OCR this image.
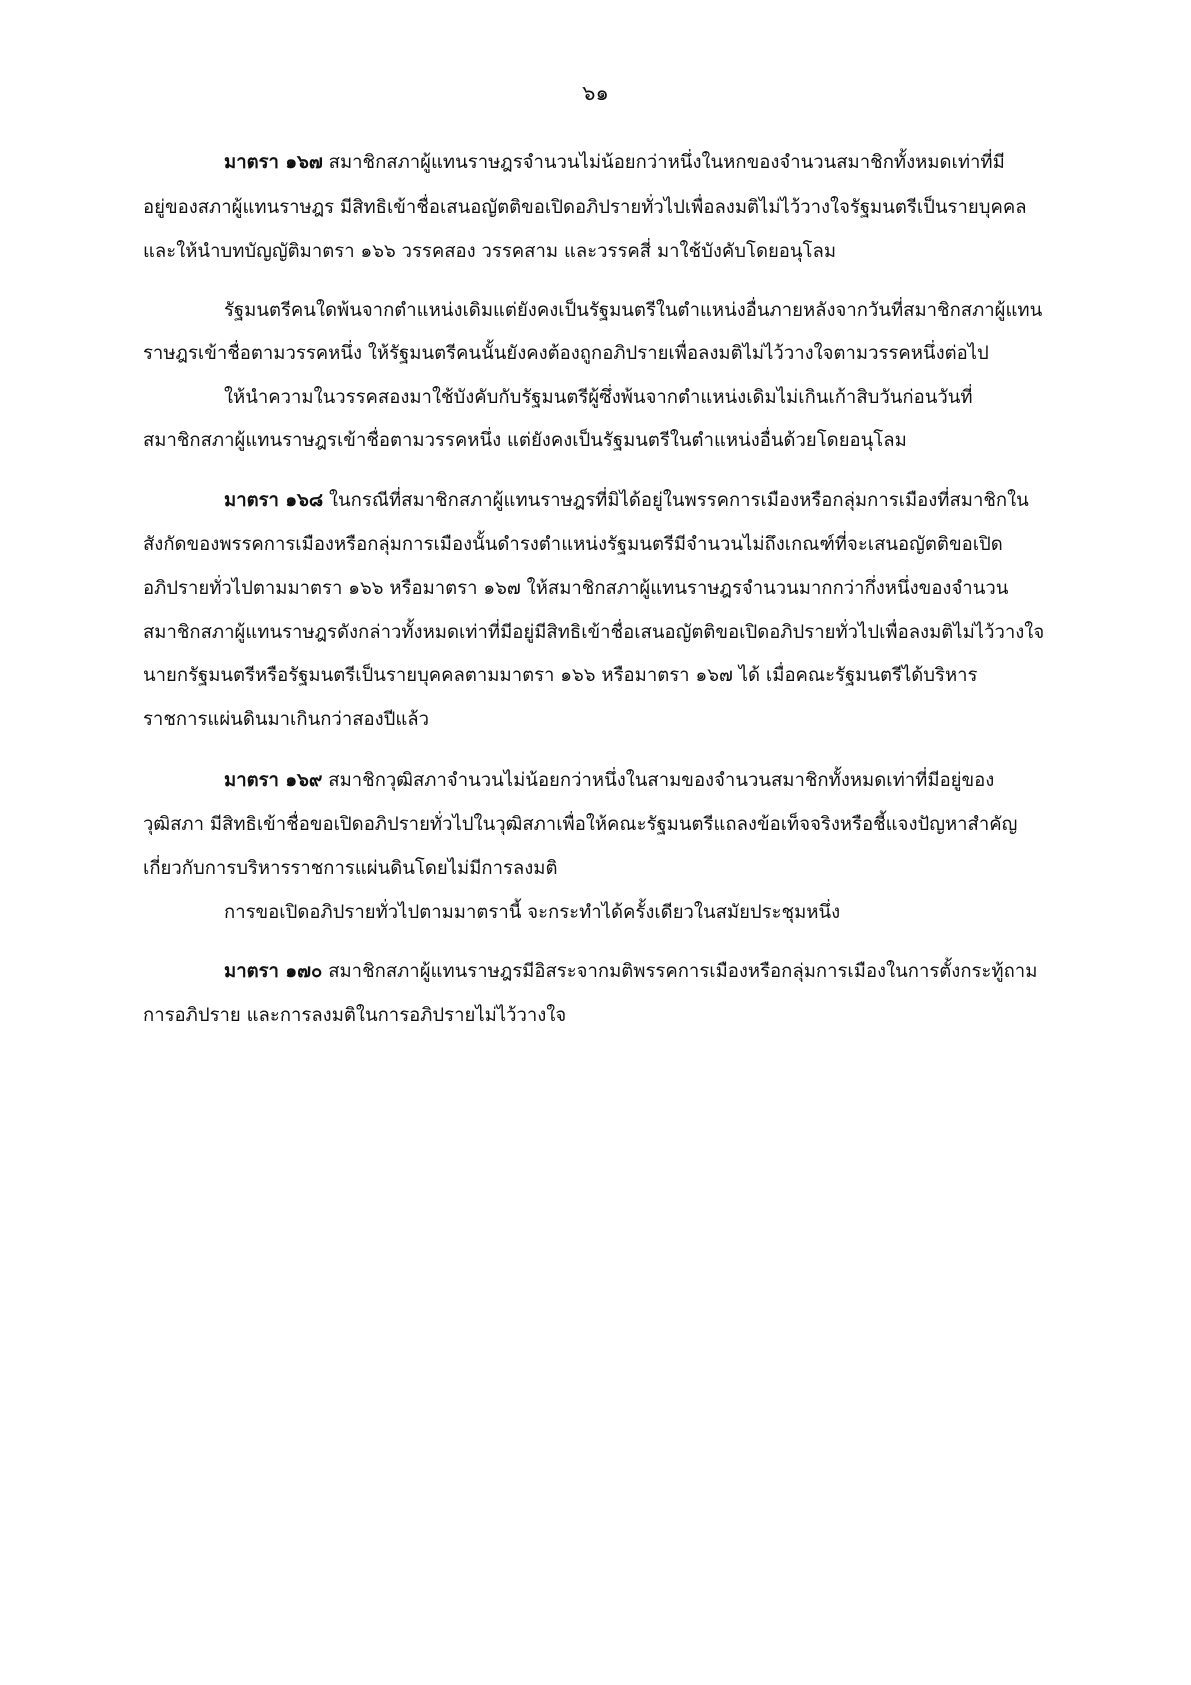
๖๑
มาตรา ๑๖๗ สมาชิกสภาผู้แทนราษฎรจำนวนไม่น้อยกว่าหนึ่งในหกของจำนวนสมาชิกทั้งหมดเท่าที่มี
อยู่ของสภาผู้แทนราษฎร มีสิทธิเข้าชื่อเสนอญัตติขอเปิดอภิปรายทั่วไปเพื่อลงมติไม่ไว้วางใจรัฐมนตรีเป็นรายบุคคล
และให้นำบทบัญญัติมาตรา ๑๖๖ วรรคสอง วรรคสาม และวรรคสี่ มาใช้บังคับโดยอนุโลม
รัฐมนตรีคนใดพ้นจากตำแหน่งเดิมแต่ยังคงเป็นรัฐมนตรีในตำแหน่งอื่นภายหลังจากวันที่สมาชิกสภาผู้แทน
ราษฎรเข้าชื่อตามวรรคหนึ่ง ให้รัฐมนตรีคนนั้นยังคงต้องถูกอภิปรายเพื่อลงมติไม่ไว้วางใจตามวรรคหนึ่งต่อไป
ให้นำความในวรรคสองมาใช้บังคับกับรัฐมนตรีผู้ซึ่งพ้นจากตำแหน่งเดิมไม่เกินเก้าสิบวันก่อนวันที่
สมาชิกสภาผู้แทนราษฎรเข้าชื่อตามวรรคหนึ่ง แต่ยังคงเป็นรัฐมนตรีในตำแหน่งอื่นด้วยโดยอนุโลม
มาตรา ๑๖๘ ในกรณีที่สมาชิกสภาผู้แทนราษฎรที่มิได้อยู่ในพรรคการเมืองหรือกลุ่มการเมืองที่สมาชิกใน
สังกัดของพรรคการเมืองหรือกลุ่มการเมืองนั้นดำรงตำแหน่งรัฐมนตรีมีจำนวนไม่ถึงเกณฑ์ที่จะเสนอญัตติขอเปิด
อภิปรายทั่วไปตามมาตรา ๑๖๖ หรือมาตรา ๑๖๗ ให้สมาชิกสภาผู้แทนราษฎรจำนวนมากกว่ากึ่งหนึ่งของจำนวน
สมาชิกสภาผู้แทนราษฎรดังกล่าวทั้งหมดเท่าที่มีอยู่มีสิทธิเข้าชื่อเสนอญัตติขอเปิดอภิปรายทั่วไปเพื่อลงมติไม่ไว้วางใจ
นายกรัฐมนตรีหรือรัฐมนตรีเป็นรายบุคคลตามมาตรา ๑๖๖ หรือมาตรา ๑๖๗ ได้ เมื่อคณะรัฐมนตรีได้บริหาร
ราชการแผ่นดินมาเกินกว่าสองปีแล้ว
มาตรา ๑๖๙ สมาชิกวุฒิสภาจำนวนไม่น้อยกว่าหนึ่งในสามของจำนวนสมาชิกทั้งหมดเท่าที่มีอยู่ของ
วุฒิสภา มีสิทธิเข้าชื่อขอเปิดอภิปรายทั่วไปในวุฒิสภาเพื่อให้คณะรัฐมนตรีแถลงข้อเท็จจริงหรือชี้แจงปัญหาสำคัญ
เกี่ยวกับการบริหารราชการแผ่นดินโดยไม่มีการลงมติ
การขอเปิดอภิปรายทั่วไปตามมาตรานี้ จะกระทำได้ครั้งเดียวในสมัยประชุมหนึ่ง
มาตรา ๑๗๐ สมาชิกสภาผู้แทนราษฎรมีอิสระจากมติพรรคการเมืองหรือกลุ่มการเมืองในการตั้งกระทู้ถาม
การอภิปราย และการลงมติในการอภิปรายไม่ไว้วางใจ
